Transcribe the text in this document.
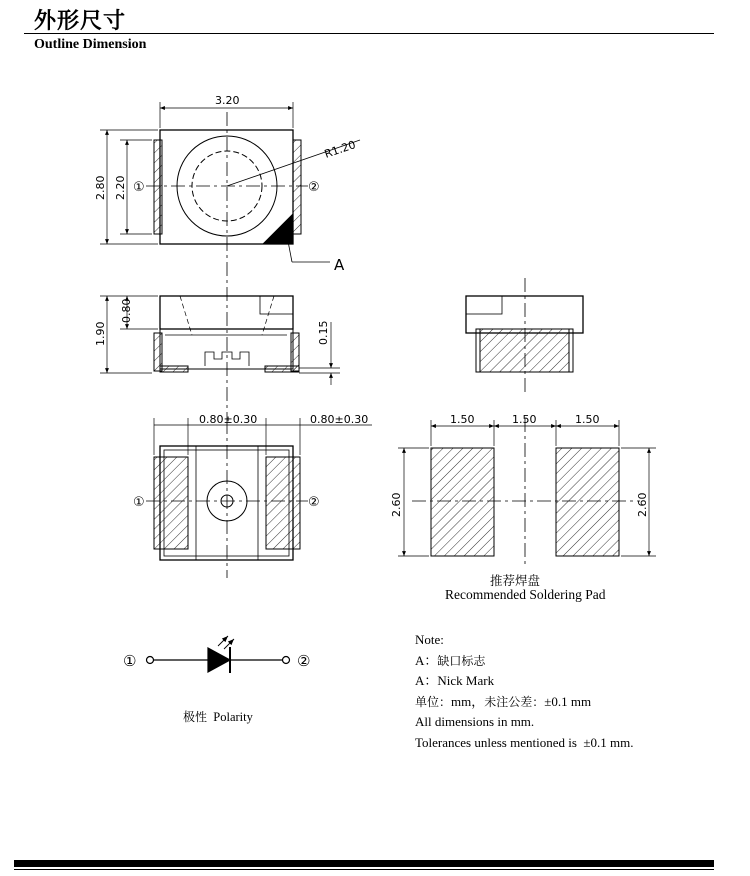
外形尺寸
Outline Dimension
3.20
2.80 2.20
R1.20
A
①	②
0.80
1.90	0.15
0.80±0.30	0.80±0.30
①	②
1.50	1.50	1.50
2.60	2.60
①	②
推荐焊盘
Recommended Soldering Pad
极性 Polarity
Note:
A：缺口标志
A：Nick Mark
单位：mm，未注公差：±0.1 mm
All dimensions in mm.
Tolerances unless mentioned is ±0.1 mm.
